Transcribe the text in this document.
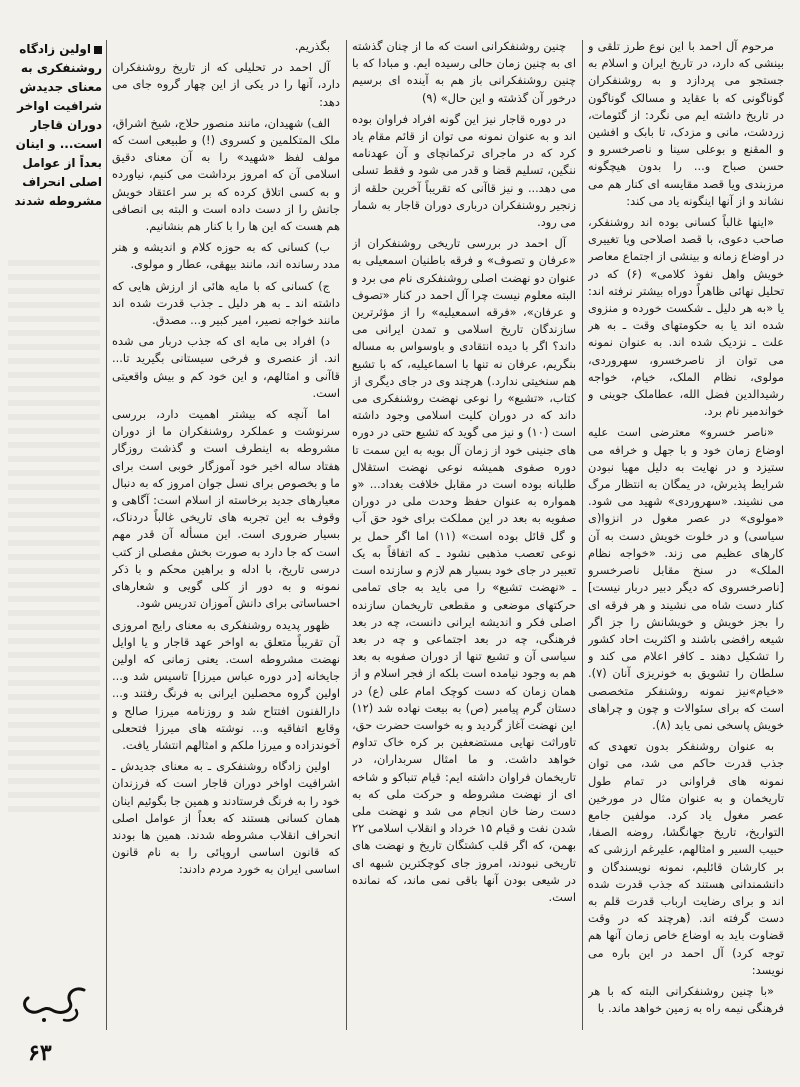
مرحوم آل احمد با این نوع طرز تلقی و بینشی که دارد، در تاریخ ایران و اسلام به جستجو می پردازد و به روشنفکران گوناگونی که با عقاید و مسالک گوناگون در تاریخ داشته ایم می نگرد: از گئومات، زردشت، مانی و مزدک، تا بابک و افشین و المقنع و بوعلی سینا و ناصرخسرو و حسن صباح و... را بدون هیچگونه مرزبندی ویا قصد مقایسه ای کنار هم می نشاند و از آنها اینگونه یاد می کند:

«اینها غالباً کسانی بوده اند روشنفکر، صاحب دعوی، با قصد اصلاحی ویا تغییری در اوضاع زمانه و بینشی از اجتماع معاصر خویش واهل نفوذ کلامی» (۶) که در تحلیل نهائی ظاهراً دوراه بیشتر نرفته اند: یا «به هر دلیل ـ شکست خورده و منزوی شده اند یا به حکومتهای وقت ـ به هر علت ـ نزدیک شده اند. به عنوان نمونه می توان از ناصرخسرو، سهروردی، مولوی، نظام الملک، خیام، خواجه رشیدالدین فضل الله، عطاملک جوینی و خواندمیر نام برد.

«ناصر خسرو» معترضی است علیه اوضاع زمان خود و با جهل و خرافه می ستیزد و در نهایت به دلیل مهیا نبودن شرایط پذیرش، در یمگان به انتظار مرگ می نشیند. «سهروردی» شهید می شود. «مولوی» در عصر مغول در انزوا(ی سیاسی) و در خلوت خویش دست به آن کارهای عظیم می زند. «خواجه نظام الملک» در سنخ مقابل ناصرخسرو [ناصرخسروی که دیگر دبیر دربار نیست] کنار دست شاه می نشیند و هر فرقه ای را بجز خویش و خویشانش را جز اگر شیعه رافضی باشند و اکثریت احاد کشور را تشکیل دهند ـ کافر اعلام می کند و سلطان را تشویق به خونریزی آنان (۷). «خیام»نیز نمونه روشنفکر متخصصی است که برای سئوالات و چون و چراهای خویش پاسخی نمی یابد (۸).

به عنوان روشنفکر بدون تعهدی که جذب قدرت حاکم می شد، می توان نمونه های فراوانی در تمام طول تاریخمان و به عنوان مثال در مورخین عصر مغول یاد کرد. مولفین جامع التواریخ، تاریخ جهانگشا، روضه الصفا، حبیب السیر و امثالهم، علیرغم ارزشی که بر کارشان قائلیم، نمونه نویسندگان و دانشمندانی هستند که جذب قدرت شده اند و برای رضایت ارباب قدرت قلم به دست گرفته اند. (هرچند که در وقت قضاوت باید به اوضاع خاص زمان آنها هم توجه کرد) آل احمد در این باره می نویسد:

«با چنین روشنفکرانی البته که با هر فرهنگی نیمه راه به زمین خواهد ماند. با

چنین روشنفکرانی است که ما از چنان گذشته ای به چنین زمان حالی رسیده ایم. و مبادا که با چنین روشنفکرانی باز هم به آینده ای برسیم درخور آن گذشته و این حال» (۹)

در دوره قاجار نیز این گونه افراد فراوان بوده اند و به عنوان نمونه می توان از قائم مقام یاد کرد که در ماجرای ترکمانچای و آن عهدنامه ننگین، تسلیم قضا و قدر می شود و فقط تسلی می دهد... و نیز قاآنی که تقریباً آخرین حلقه از زنجیر روشنفکران درباری دوران قاجار به شمار می رود.

آل احمد در بررسی تاریخی روشنفکران از «عرفان و تصوف» و فرقه باطنیان اسمعیلی به عنوان دو نهضت اصلی روشنفکری نام می برد و البته معلوم نیست چرا آل احمد در کنار «تصوف و عرفان»، «فرقه اسمعیلیه» را از مؤثرترین سازندگان تاریخ اسلامی و تمدن ایرانی می داند؟ اگر با دیده انتقادی و باوسواس به مساله بنگریم، عرفان نه تنها با اسماعیلیه، که با تشیع هم سنخیتی ندارد.) هرچند وی در جای دیگری از کتاب، «تشیع» را نوعی نهضت روشنفکری می داند که در دوران کلیت اسلامی وجود داشته است (۱۰) و نیز می گوید که تشیع حتی در دوره های جنینی خود از زمان آل بویه به این سمت تا دوره صفوی همیشه نوعی نهضت استقلال طلبانه بوده است در مقابل خلافت بغداد... «و همواره به عنوان حفظ وحدت ملی در دوران صفویه به بعد در این مملکت برای خود حق آب و گل قائل بوده است» (۱۱) اما اگر حمل بر نوعی تعصب مذهبی نشود ـ که اتفاقاً به یک تعبیر در جای خود بسیار هم لازم و سازنده است ـ «نهضت تشیع» را می باید به جای تمامی حرکتهای موضعی و مقطعی تاریخمان سازنده اصلی فکر و اندیشه ایرانی دانست، چه در بعد فرهنگی، چه در بعد اجتماعی و چه در بعد سیاسی آن و تشیع تنها از دوران صفویه به بعد هم به وجود نیامده است بلکه از فجر اسلام و از همان زمان که دست کوچک امام علی (ع) در دستان گرم پیامبر (ص) به بیعت نهاده شد (۱۲) این نهضت آغاز گردید و به خواست حضرت حق، تاوراثت نهایی مستضعفین بر کره خاک تداوم خواهد داشت. و ما امثال سربداران، در تاریخمان فراوان داشته ایم: قیام تنباکو و شاخه ای از نهضت مشروطه و حرکت ملی که به دست رضا خان انجام می شد و نهضت ملی شدن نفت و قیام ۱۵ خرداد و انقلاب اسلامی ۲۲ بهمن، که اگر قلب کشتگان تاریخ و نهضت های تاریخی نبودند، امروز جای کوچکترین شبهه ای در شیعی بودن آنها باقی نمی ماند، که نمانده است.

بگذریم.

آل احمد در تحلیلی که از تاریخ روشنفکران دارد، آنها را در یکی از این چهار گروه جای می دهد:

الف) شهیدان، مانند منصور حلاج، شیخ اشراق، ملک المتکلمین و کسروی (!) و طبیعی است که مولف لفظ «شهید» را به آن معنای دقیق اسلامی آن که امروز برداشت می کنیم، نیاورده و به کسی اتلاق کرده که بر سر اعتقاد خویش جانش را از دست داده است و البته بی انصافی هم هست که این ها را با کنار هم بنشانیم.

ب) کسانی که به حوزه کلام و اندیشه و هنر مدد رسانده اند، مانند بیهقی، عطار و مولوی.

ج) کسانی که با مایه هائی از ارزش هایی که داشته اند ـ به هر دلیل ـ جذب قدرت شده اند مانند خواجه نصیر، امیر کبیر و... مصدق.

د) افراد بی مایه ای که جذب دربار می شده اند. از عنصری و فرخی سیستانی بگیرید تا... قاآنی و امثالهم، و این خود کم و بیش واقعیتی است.

اما آنچه که بیشتر اهمیت دارد، بررسی سرنوشت و عملکرد روشنفکران ما از دوران مشروطه به اینطرف است و گذشت روزگار هفتاد ساله اخیر خود آموزگار خوبی است برای ما و بخصوص برای نسل جوان امروز که به دنبال معیارهای جدید برخاسته از اسلام است: آگاهی و وقوف به این تجربه های تاریخی غالباً دردناک، بسیار ضروری است. این مسأله آن قدر مهم است که جا دارد به صورت بخش مفصلی از کتب درسی تاریخ، با ادله و براهین محکم و با ذکر نمونه و به دور از کلی گویی و شعارهای احساساتی برای دانش آموزان تدریس شود.

ظهور پدیده روشنفکری به معنای رایج امروزی آن تقریباً متعلق به اواخر عهد قاجار و یا اوایل نهضت مشروطه است. یعنی زمانی که اولین جایخانه [در دوره عباس میرزا] تاسیس شد و... اولین گروه محصلین ایرانی به فرنگ رفتند و... دارالفنون افتتاح شد و روزنامه میرزا صالح و وقایع اتفاقیه و... نوشته های میرزا فتحعلی آخوندزاده و میرزا ملکم و امثالهم انتشار یافت.

اولین زادگاه روشنفکری ـ به معنای جدیدش ـ اشرافیت اواخر دوران قاجار است که فرزندان خود را به فرنگ فرستادند و همین جا بگوئیم اینان همان کسانی هستند که بعداً از عوامل اصلی انحراف انقلاب مشروطه شدند. همین ها بودند که قانون اساسی اروپائی را به نام قانون اساسی ایران به خورد مردم دادند:

اولین زادگاه روشنفکری به معنای جدیدش شرافیت اواخر دوران قاجار است... و اینان بعداً از عوامل اصلی انحراف مشروطه شدند
۶۳
